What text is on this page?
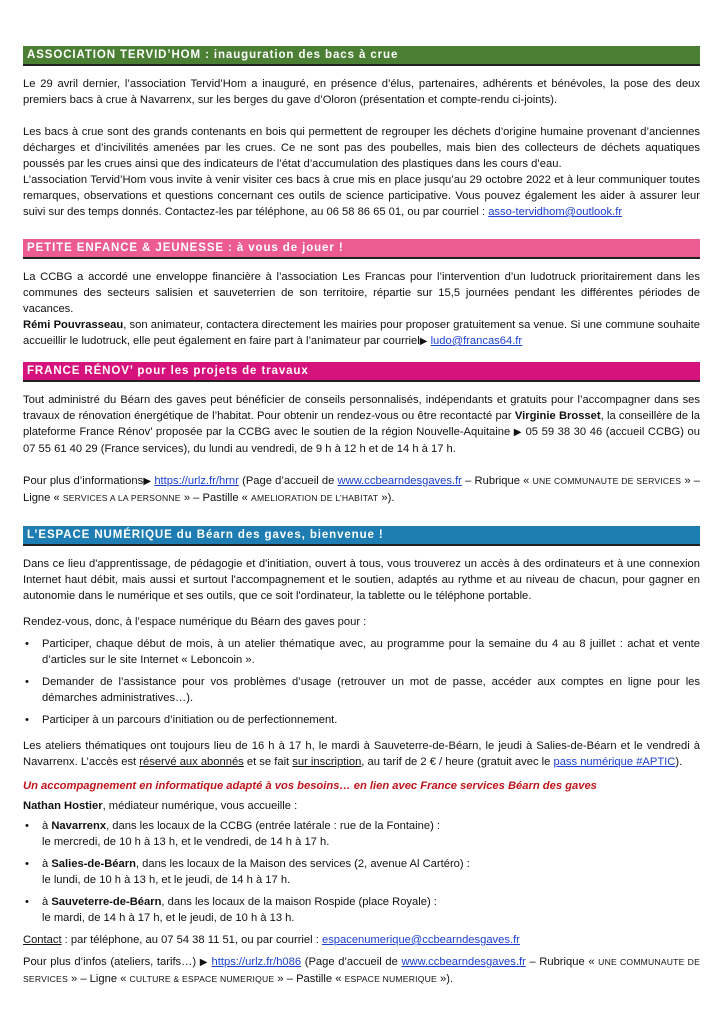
ASSOCIATION TERVID’HOM : inauguration des bacs à crue

Le 29 avril dernier, l’association Tervid’Hom a inauguré, en présence d’élus, partenaires, adhérents et bénévoles, la pose des deux premiers bacs à crue à Navarrenx, sur les berges du gave d’Oloron (présentation et compte-rendu ci-joints).

Les bacs à crue sont des grands contenants en bois qui permettent de regrouper les déchets d’origine humaine provenant d’anciennes décharges et d’incivilités amenées par les crues. Ce ne sont pas des poubelles, mais bien des collecteurs de déchets aquatiques poussés par les crues ainsi que des indicateurs de l’état d’accumulation des plastiques dans les cours d’eau.

L’association Tervid’Hom vous invite à venir visiter ces bacs à crue mis en place jusqu’au 29 octobre 2022 et à leur communiquer toutes remarques, observations et questions concernant ces outils de science participative. Vous pouvez également les aider à assurer leur suivi sur des temps donnés. Contactez-les par téléphone, au 06 58 86 65 01, ou par courriel : asso-tervidhom@outlook.fr

PETITE ENFANCE & JEUNESSE : à vous de jouer !

La CCBG a accordé une enveloppe financière à l’association Les Francas pour l’intervention d’un ludotruck prioritairement dans les communes des secteurs salisien et sauveterrien de son territoire, répartie sur 15,5 journées pendant les différentes périodes de vacances.

Rémi Pouvrasseau, son animateur, contactera directement les mairies pour proposer gratuitement sa venue. Si une commune souhaite accueillir le ludotruck, elle peut également en faire part à l’animateur par courriel▶ ludo@francas64.fr

FRANCE RÉNOV’ pour les projets de travaux

Tout administré du Béarn des gaves peut bénéficier de conseils personnalisés, indépendants et gratuits pour l’accompagner dans ses travaux de rénovation énergétique de l’habitat. Pour obtenir un rendez-vous ou être recontacté par Virginie Brosset, la conseillère de la plateforme France Rénov’ proposée par la CCBG avec le soutien de la région Nouvelle-Aquitaine ▶ 05 59 38 30 46 (accueil CCBG) ou 07 55 61 40 29 (France services), du lundi au vendredi, de 9 h à 12 h et de 14 h à 17 h.

Pour plus d’informations▶ https://urlz.fr/hrnr (Page d’accueil de www.ccbearndesgaves.fr – Rubrique « UNE COMMUNAUTE DE SERVICES » – Ligne « SERVICES A LA PERSONNE » – Pastille « AMELIORATION DE L’HABITAT »).

L’ESPACE NUMÉRIQUE du Béarn des gaves, bienvenue !

Dans ce lieu d'apprentissage, de pédagogie et d'initiation, ouvert à tous, vous trouverez un accès à des ordinateurs et à une connexion Internet haut débit, mais aussi et surtout l'accompagnement et le soutien, adaptés au rythme et au niveau de chacun, pour gagner en autonomie dans le numérique et ses outils, que ce soit l'ordinateur, la tablette ou le téléphone portable.

Rendez-vous, donc, à l’espace numérique du Béarn des gaves pour :

• Participer, chaque début de mois, à un atelier thématique avec, au programme pour la semaine du 4 au 8 juillet : achat et vente d’articles sur le site Internet « Leboncoin ».
• Demander de l’assistance pour vos problèmes d’usage (retrouver un mot de passe, accéder aux comptes en ligne pour les démarches administratives…).
• Participer à un parcours d’initiation ou de perfectionnement.

Les ateliers thématiques ont toujours lieu de 16 h à 17 h, le mardi à Sauveterre-de-Béarn, le jeudi à Salies-de-Béarn et le vendredi à Navarrenx. L’accès est réservé aux abonnés et se fait sur inscription, au tarif de 2 € / heure (gratuit avec le pass numérique #APTIC).

Un accompagnement en informatique adapté à vos besoins… en lien avec France services Béarn des gaves

Nathan Hostier, médiateur numérique, vous accueille :

• à Navarrenx, dans les locaux de la CCBG (entrée latérale : rue de la Fontaine) :
le mercredi, de 10 h à 13 h, et le vendredi, de 14 h à 17 h.
• à Salies-de-Béarn, dans les locaux de la Maison des services (2, avenue Al Cartéro) :
le lundi, de 10 h à 13 h, et le jeudi, de 14 h à 17 h.
• à Sauveterre-de-Béarn, dans les locaux de la maison Rospide (place Royale) :
le mardi, de 14 h à 17 h, et le jeudi, de 10 h à 13 h.

Contact : par téléphone, au 07 54 38 11 51, ou par courriel : espacenumerique@ccbearndesgaves.fr

Pour plus d’infos (ateliers, tarifs…) ▶ https://urlz.fr/h086 (Page d’accueil de www.ccbearndesgaves.fr – Rubrique « UNE COMMUNAUTE DE SERVICES » – Ligne « CULTURE & ESPACE NUMERIQUE » – Pastille « ESPACE NUMERIQUE »).
